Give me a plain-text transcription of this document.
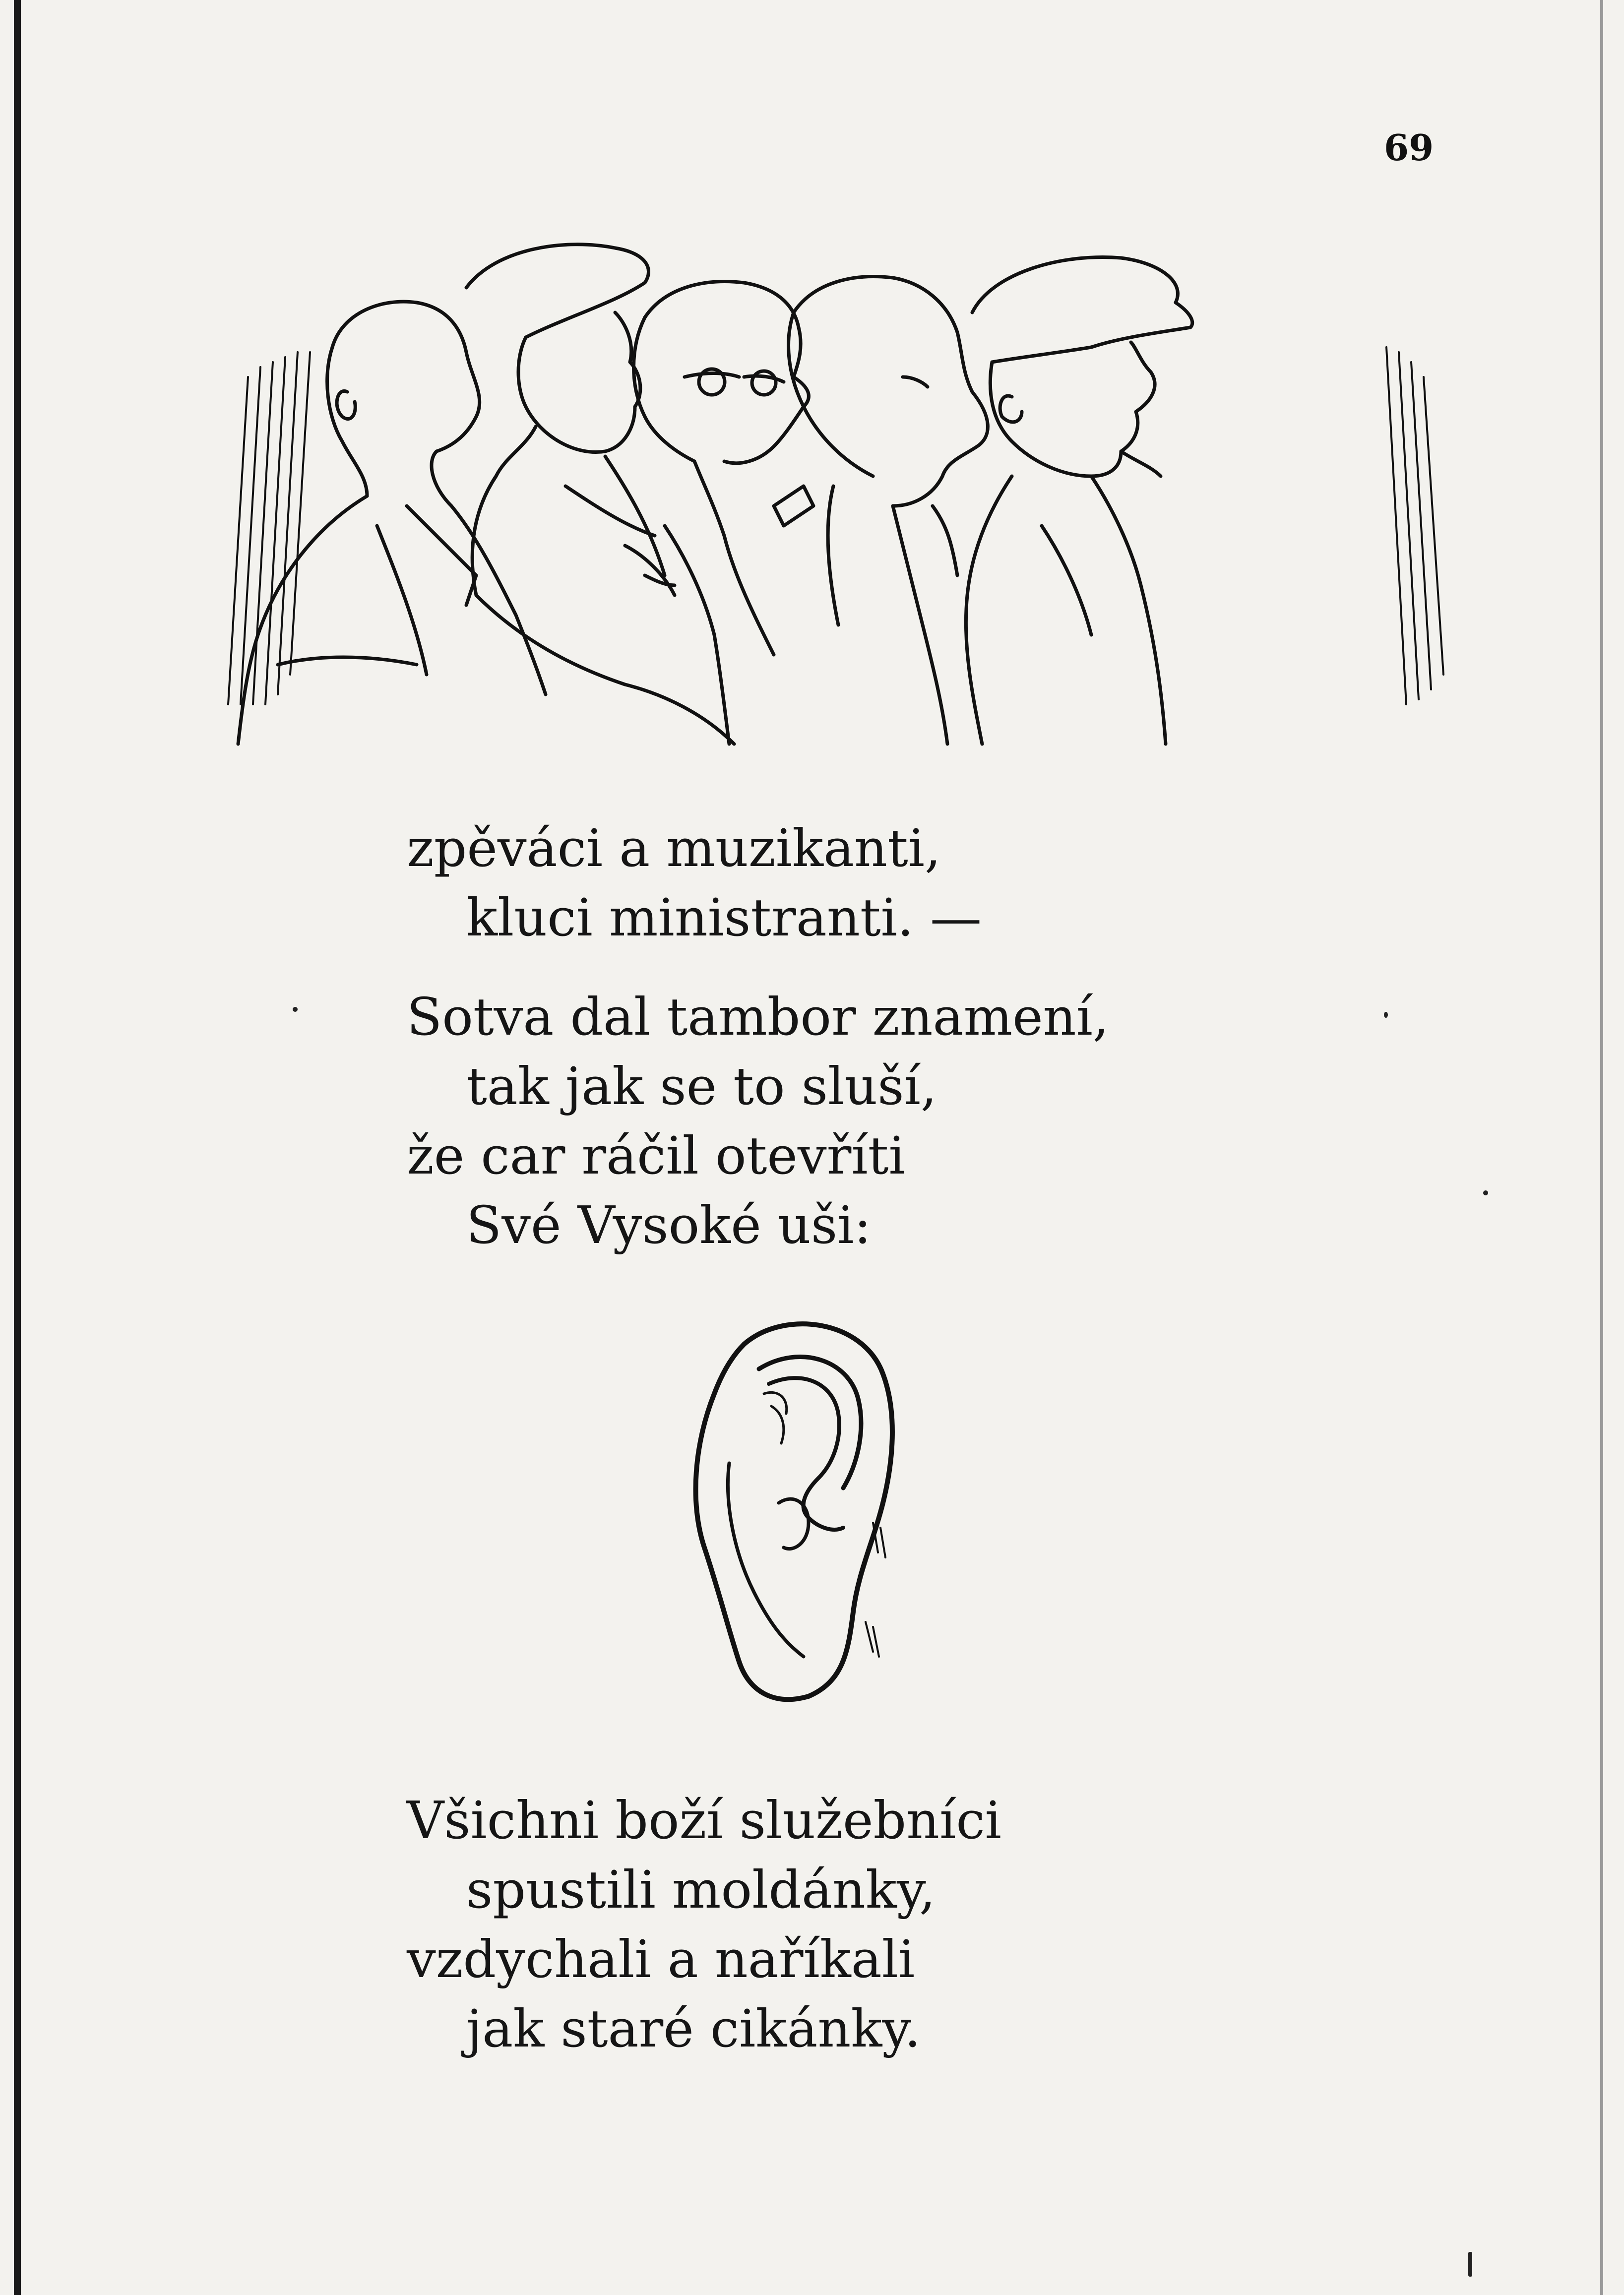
69
zpěváci a muzikanti,
kluci ministranti. —
Sotva dal tambor znamení,
tak jak se to sluší,
že car ráčil otevříti
Své Vysoké uši:
Všichni boží služebníci
spustili moldánky,
vzdychali a naříkali
jak staré cikánky.
